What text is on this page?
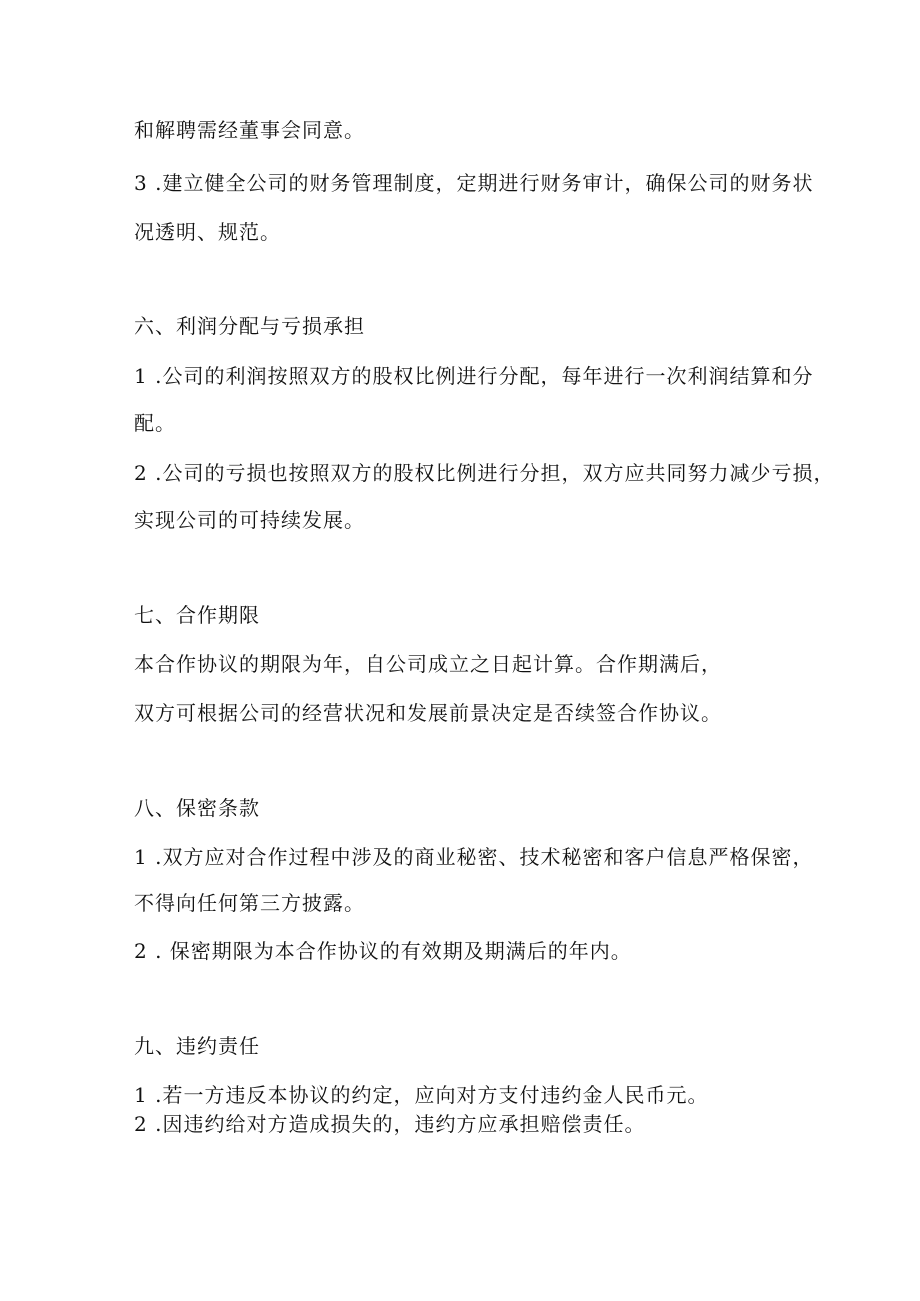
和解聘需经董事会同意。
3 .建立健全公司的财务管理制度，定期进行财务审计，确保公司的财务状
况透明、规范。
六、利润分配与亏损承担
1 .公司的利润按照双方的股权比例进行分配，每年进行一次利润结算和分
配。
2 .公司的亏损也按照双方的股权比例进行分担，双方应共同努力减少亏损，
实现公司的可持续发展。
七、合作期限
本合作协议的期限为年，自公司成立之日起计算。合作期满后，
双方可根据公司的经营状况和发展前景决定是否续签合作协议。
八、保密条款
1 .双方应对合作过程中涉及的商业秘密、技术秘密和客户信息严格保密，
不得向任何第三方披露。
2 . 保密期限为本合作协议的有效期及期满后的年内。
九、违约责任
1 .若一方违反本协议的约定，应向对方支付违约金人民币元。
2 .因违约给对方造成损失的，违约方应承担赔偿责任。
